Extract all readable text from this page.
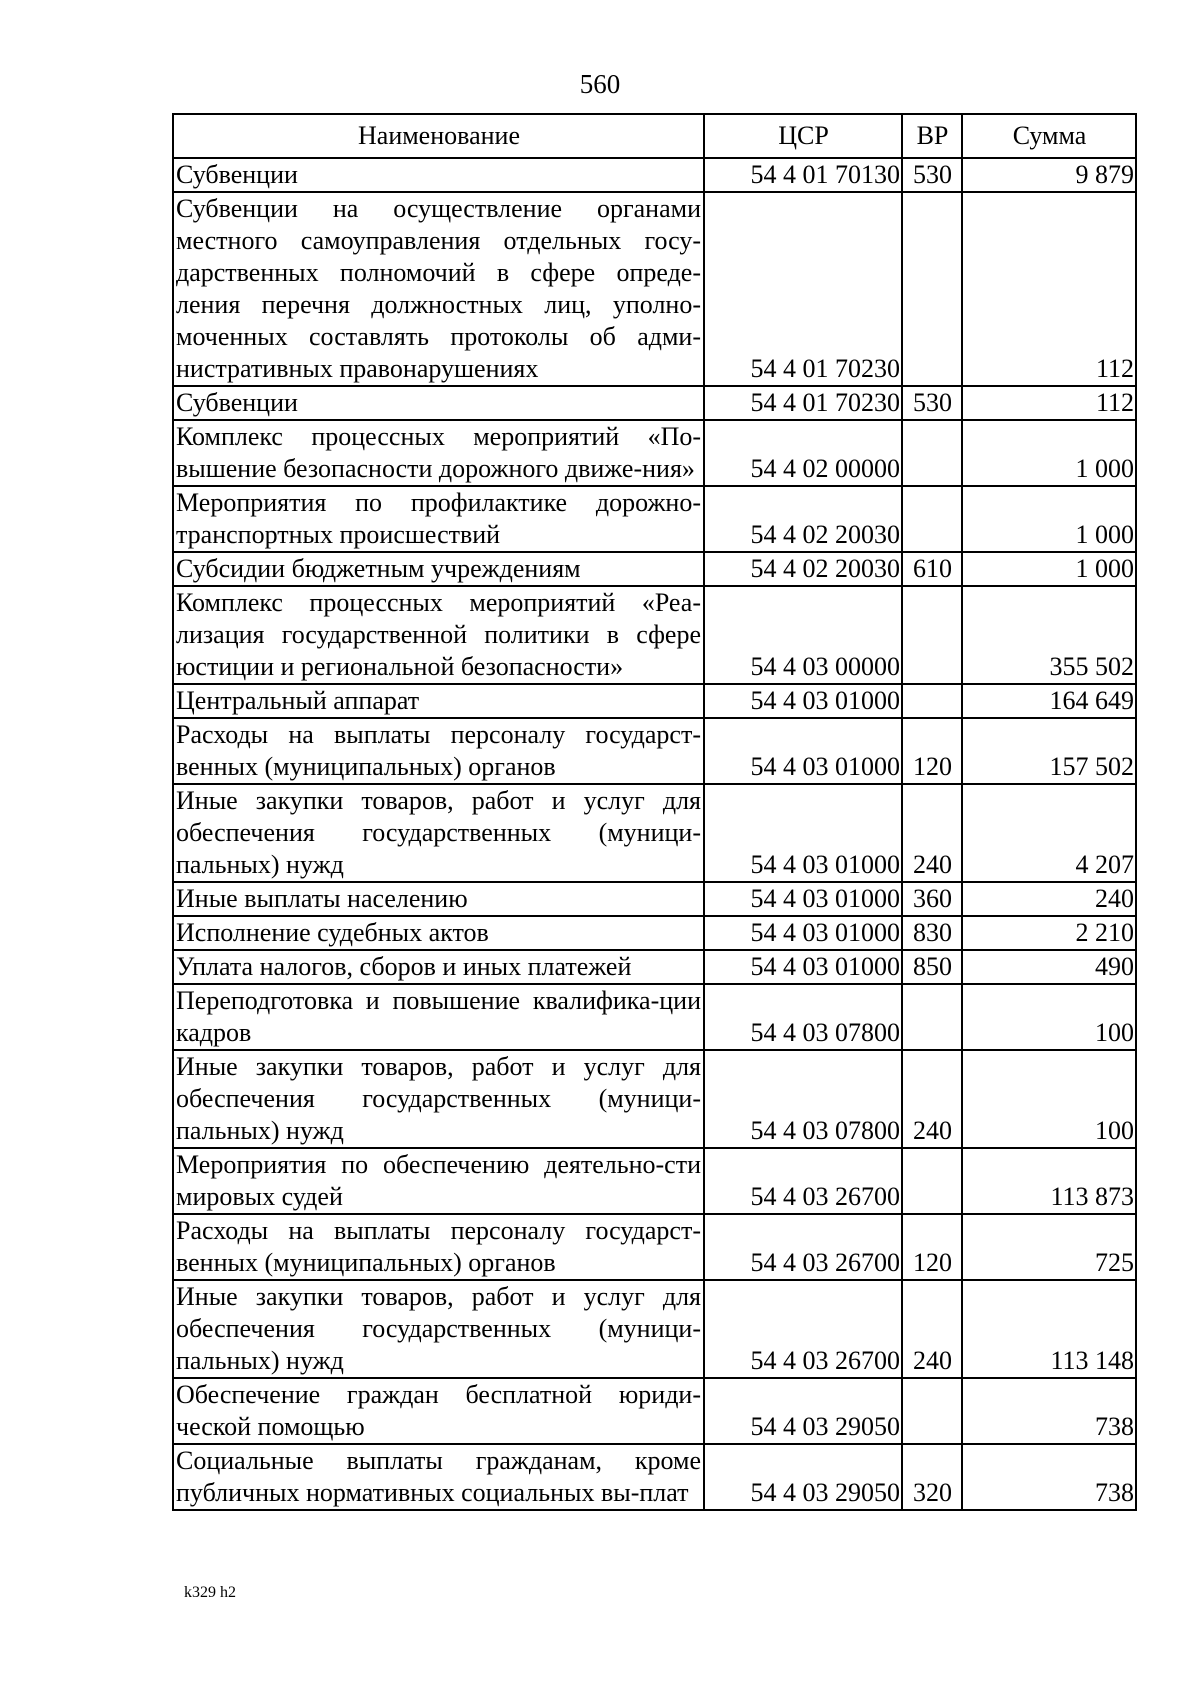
560
Наименование	ЦСР	ВР	Сумма
Субвенции	54 4 01 70130	530	9 879
Субвенции на осуществление органами местного самоуправления отдельных госу-дарственных полномочий в сфере опреде-ления перечня должностных лиц, уполно-моченных составлять протоколы об адми-нистративных правонарушениях	54 4 01 70230		112
Субвенции	54 4 01 70230	530	112
Комплекс процессных мероприятий «По-вышение безопасности дорожного движе-ния»	54 4 02 00000		1 000
Мероприятия по профилактике дорожно-транспортных происшествий	54 4 02 20030		1 000
Субсидии бюджетным учреждениям	54 4 02 20030	610	1 000
Комплекс процессных мероприятий «Реа-лизация государственной политики в сфере юстиции и региональной безопасности»	54 4 03 00000		355 502
Центральный аппарат	54 4 03 01000		164 649
Расходы на выплаты персоналу государст-венных (муниципальных) органов	54 4 03 01000	120	157 502
Иные закупки товаров, работ и услуг для обеспечения государственных (муници-пальных) нужд	54 4 03 01000	240	4 207
Иные выплаты населению	54 4 03 01000	360	240
Исполнение судебных актов	54 4 03 01000	830	2 210
Уплата налогов, сборов и иных платежей	54 4 03 01000	850	490
Переподготовка и повышение квалифика-ции кадров	54 4 03 07800		100
Иные закупки товаров, работ и услуг для обеспечения государственных (муници-пальных) нужд	54 4 03 07800	240	100
Мероприятия по обеспечению деятельно-сти мировых судей	54 4 03 26700		113 873
Расходы на выплаты персоналу государст-венных (муниципальных) органов	54 4 03 26700	120	725
Иные закупки товаров, работ и услуг для обеспечения государственных (муници-пальных) нужд	54 4 03 26700	240	113 148
Обеспечение граждан бесплатной юриди-ческой помощью	54 4 03 29050		738
Социальные выплаты гражданам, кроме публичных нормативных социальных вы-плат	54 4 03 29050	320	738
k329 h2
